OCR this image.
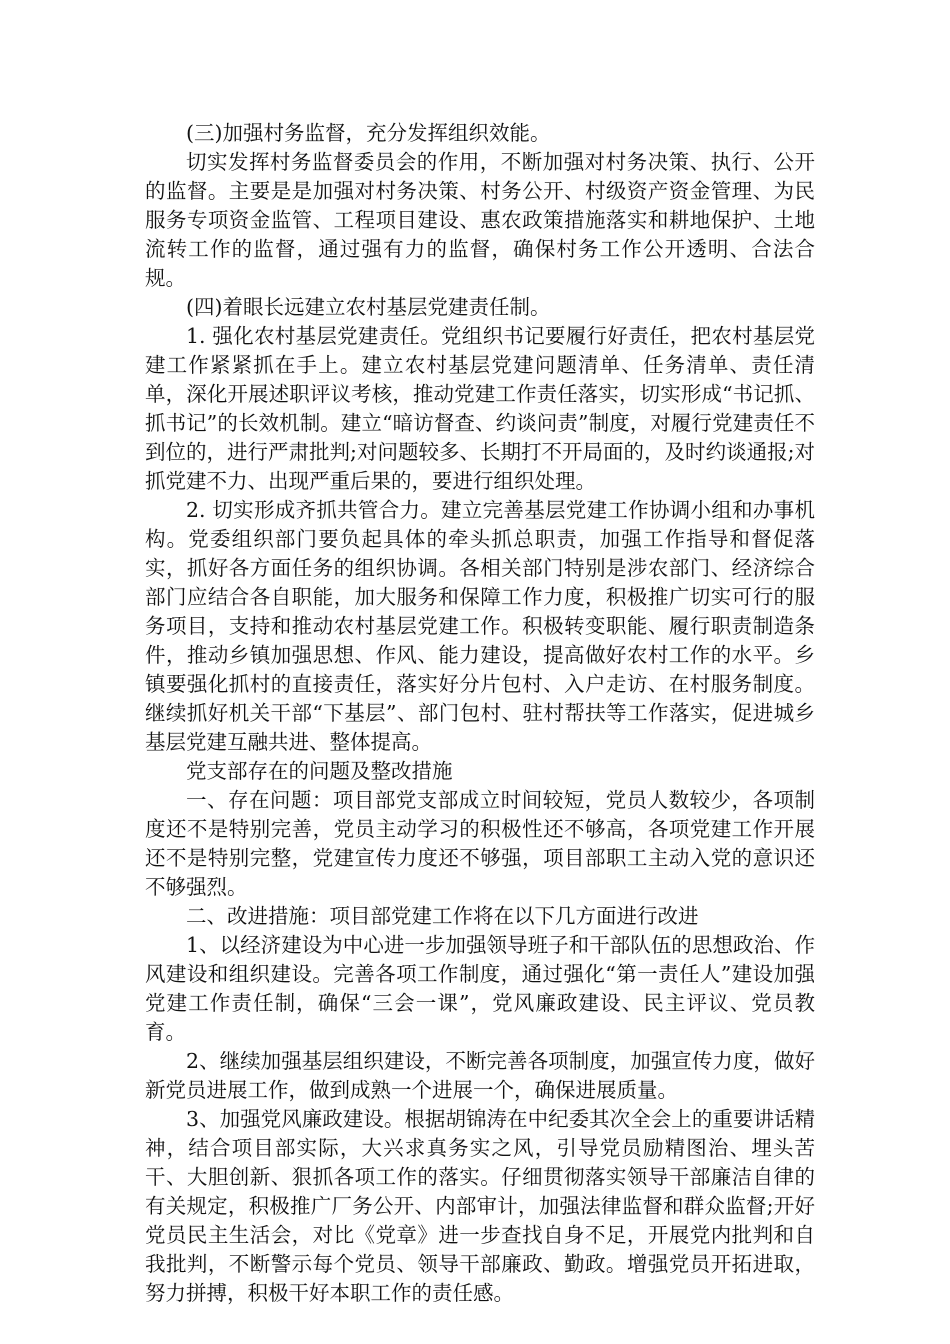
(三)加强村务监督，充分发挥组织效能。

切实发挥村务监督委员会的作用，不断加强对村务决策、执行、公开的监督。主要是是加强对村务决策、村务公开、村级资产资金管理、为民服务专项资金监管、工程项目建设、惠农政策措施落实和耕地保护、土地流转工作的监督，通过强有力的监督，确保村务工作公开透明、合法合规。

(四)着眼长远建立农村基层党建责任制。

1. 强化农村基层党建责任。党组织书记要履行好责任，把农村基层党建工作紧紧抓在手上。建立农村基层党建问题清单、任务清单、责任清单，深化开展述职评议考核，推动党建工作责任落实，切实形成“书记抓、抓书记”的长效机制。建立“暗访督查、约谈问责”制度，对履行党建责任不到位的，进行严肃批判;对问题较多、长期打不开局面的，及时约谈通报;对抓党建不力、出现严重后果的，要进行组织处理。

2. 切实形成齐抓共管合力。建立完善基层党建工作协调小组和办事机构。党委组织部门要负起具体的牵头抓总职责，加强工作指导和督促落实，抓好各方面任务的组织协调。各相关部门特别是涉农部门、经济综合部门应结合各自职能，加大服务和保障工作力度，积极推广切实可行的服务项目，支持和推动农村基层党建工作。积极转变职能、履行职责制造条件，推动乡镇加强思想、作风、能力建设，提高做好农村工作的水平。乡镇要强化抓村的直接责任，落实好分片包村、入户走访、在村服务制度。继续抓好机关干部“下基层”、部门包村、驻村帮扶等工作落实，促进城乡基层党建互融共进、整体提高。

党支部存在的问题及整改措施

一、存在问题：项目部党支部成立时间较短，党员人数较少，各项制度还不是特别完善，党员主动学习的积极性还不够高，各项党建工作开展还不是特别完整，党建宣传力度还不够强，项目部职工主动入党的意识还不够强烈。

二、改进措施：项目部党建工作将在以下几方面进行改进

1、以经济建设为中心进一步加强领导班子和干部队伍的思想政治、作风建设和组织建设。完善各项工作制度，通过强化“第一责任人”建设加强党建工作责任制，确保“三会一课”，党风廉政建设、民主评议、党员教育。

2、继续加强基层组织建设，不断完善各项制度，加强宣传力度，做好新党员进展工作，做到成熟一个进展一个，确保进展质量。

3、加强党风廉政建设。根据胡锦涛在中纪委其次全会上的重要讲话精神，结合项目部实际，大兴求真务实之风，引导党员励精图治、埋头苦干、大胆创新、狠抓各项工作的落实。仔细贯彻落实领导干部廉洁自律的有关规定，积极推广厂务公开、内部审计，加强法律监督和群众监督;开好党员民主生活会，对比《党章》进一步查找自身不足，开展党内批判和自我批判，不断警示每个党员、领导干部廉政、勤政。增强党员开拓进取，努力拼搏，积极干好本职工作的责任感。
